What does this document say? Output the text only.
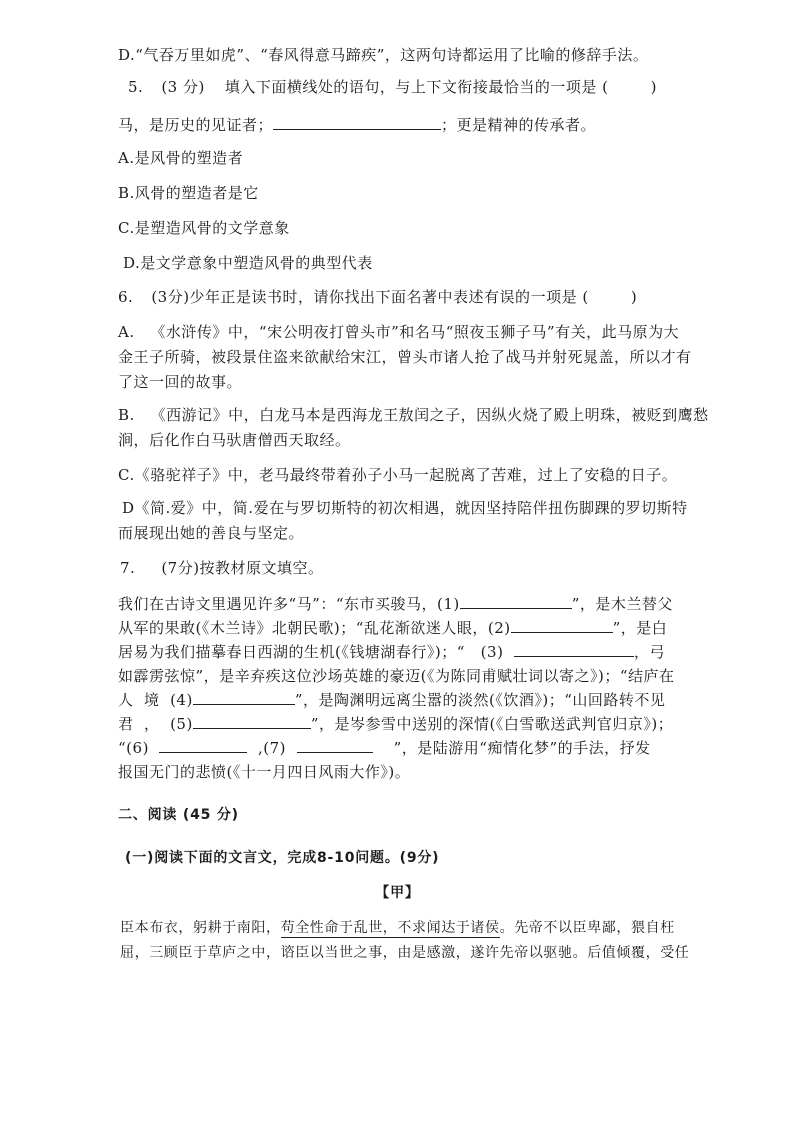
D.“气吞万里如虎”、“春风得意马蹄疾”，这两句诗都运用了比喻的修辞手法。
5. (3 分) 填入下面横线处的语句，与上下文衔接最恰当的一项是 (        )
马，是历史的见证者；	；更是精神的传承者。
A.是风骨的塑造者
B.风骨的塑造者是它
C.是塑造风骨的文学意象
D.是文学意象中塑造风骨的典型代表
6. (3分)少年正是读书时，请你找出下面名著中表述有误的一项是 (        )
A.   《水浒传》中，“宋公明夜打曾头市”和名马“照夜玉狮子马”有关，此马原为大
金王子所骑，被段景住盗来欲献给宋江，曾头市诸人抢了战马并射死晁盖，所以才有
了这一回的故事。
B.   《西游记》中，白龙马本是西海龙王敖闰之子，因纵火烧了殿上明珠，被贬到鹰愁
涧，后化作白马驮唐僧西天取经。
C.《骆驼祥子》中，老马最终带着孙子小马一起脱离了苦难，过上了安稳的日子。
D《简.爱》中，简.爱在与罗切斯特的初次相遇，就因坚持陪伴扭伤脚踝的罗切斯特
而展现出她的善良与坚定。
7. (7分)按教材原文填空。
我们在古诗文里遇见许多“马”：“东市买骏马，(1)	”，是木兰替父
从军的果敢(《木兰诗》北朝民歌)；“乱花渐欲迷人眼，(2)	”，是白
居易为我们描摹春日西湖的生机(《钱塘湖春行》)；“   (3)	，弓
如霹雳弦惊”，是辛弃疾这位沙场英雄的豪迈(《为陈同甫赋壮词以寄之》)；“结庐在
人  境  (4)	”，是陶渊明远离尘嚣的淡然(《饮酒》)；“山回路转不见
君  ，  (5)	”，是岑参雪中送别的深情(《白雪歌送武判官归京》)；
“(6)	,(7)	”，是陆游用“痴情化梦”的手法，抒发
报国无门的悲愤(《十一月四日风雨大作》)。
二、阅读 (45 分)
(一)阅读下面的文言文，完成8-10问题。(9分)
【甲】
臣本布衣，躬耕于南阳，苟全性命于乱世，不求闻达于诸侯。先帝不以臣卑鄙，猥自枉
屈，三顾臣于草庐之中，谘臣以当世之事，由是感激，遂许先帝以驱驰。后值倾覆，受任
